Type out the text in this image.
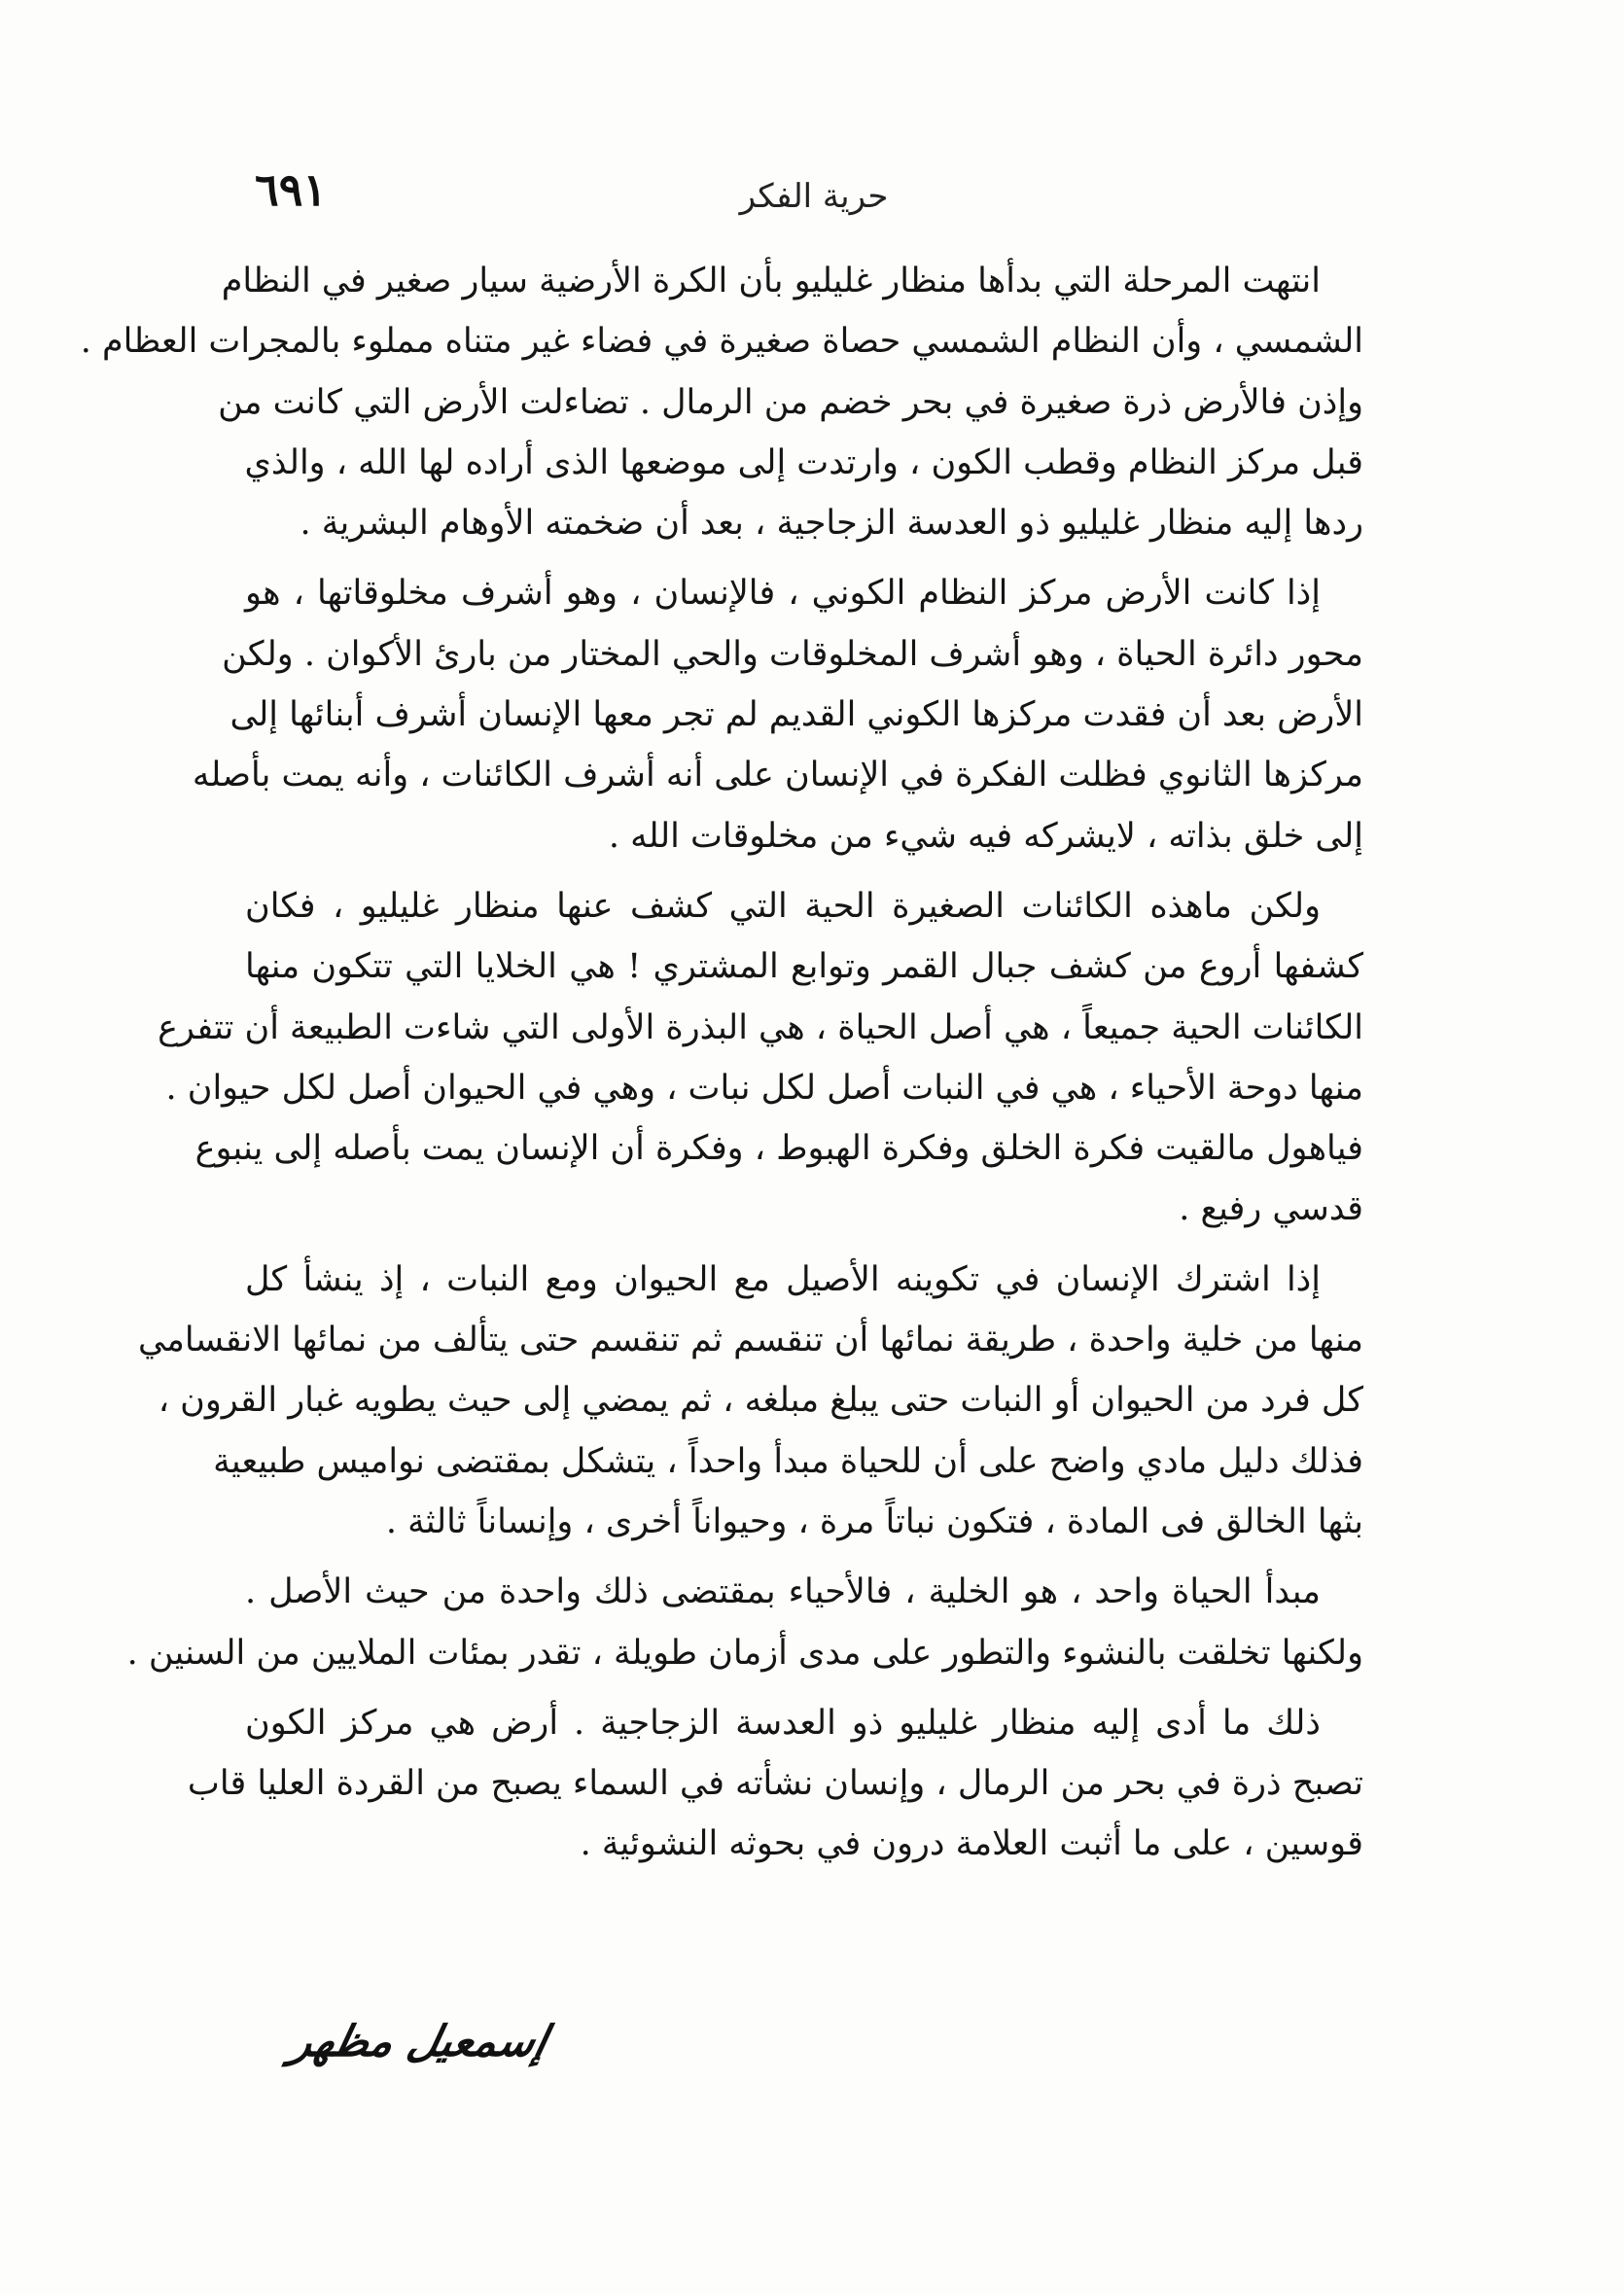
حرية الفكر
٦٩١
انتهت المرحلة التي بدأها منظار غليليو بأن الكرة الأرضية سيار صغير في النظام
الشمسي ، وأن النظام الشمسي حصاة صغيرة في فضاء غير متناه مملوء بالمجرات العظام .
وإذن فالأرض ذرة صغيرة في بحر خضم من الرمال . تضاءلت الأرض التي كانت من
قبل مركز النظام وقطب الكون ، وارتدت إلى موضعها الذى أراده لها الله ، والذي
ردها إليه منظار غليليو ذو العدسة الزجاجية ، بعد أن ضخمته الأوهام البشرية .
إذا كانت الأرض مركز النظام الكوني ، فالإنسان ، وهو أشرف مخلوقاتها ، هو
محور دائرة الحياة ، وهو أشرف المخلوقات والحي المختار من بارئ الأكوان . ولكن
الأرض بعد أن فقدت مركزها الكوني القديم لم تجر معها الإنسان أشرف أبنائها إلى
مركزها الثانوي فظلت الفكرة في الإنسان على أنه أشرف الكائنات ، وأنه يمت بأصله
إلى خلق بذاته ، لايشركه فيه شيء من مخلوقات الله .
ولكن ماهذه الكائنات الصغيرة الحية التي كشف عنها منظار غليليو ، فكان
كشفها أروع من كشف جبال القمر وتوابع المشتري ! هي الخلايا التي تتكون منها
الكائنات الحية جميعاً ، هي أصل الحياة ، هي البذرة الأولى التي شاءت الطبيعة أن تتفرع
منها دوحة الأحياء ، هي في النبات أصل لكل نبات ، وهي في الحيوان أصل لكل حيوان .
فياهول مالقيت فكرة الخلق وفكرة الهبوط ، وفكرة أن الإنسان يمت بأصله إلى ينبوع
قدسي رفيع .
إذا اشترك الإنسان في تكوينه الأصيل مع الحيوان ومع النبات ، إذ ينشأ كل
منها من خلية واحدة ، طريقة نمائها أن تنقسم ثم تنقسم حتى يتألف من نمائها الانقسامي
كل فرد من الحيوان أو النبات حتى يبلغ مبلغه ، ثم يمضي إلى حيث يطويه غبار القرون ،
فذلك دليل مادي واضح على أن للحياة مبدأ واحداً ، يتشكل بمقتضى نواميس طبيعية
بثها الخالق فى المادة ، فتكون نباتاً مرة ، وحيواناً أخرى ، وإنساناً ثالثة .
مبدأ الحياة واحد ، هو الخلية ، فالأحياء بمقتضى ذلك واحدة من حيث الأصل .
ولكنها تخلقت بالنشوء والتطور على مدى أزمان طويلة ، تقدر بمئات الملايين من السنين .
ذلك ما أدى إليه منظار غليليو ذو العدسة الزجاجية . أرض هي مركز الكون
تصبح ذرة في بحر من الرمال ، وإنسان نشأته في السماء يصبح من القردة العليا قاب
قوسين ، على ما أثبت العلامة درون في بحوثه النشوئية .
إسمعيل مظهر
